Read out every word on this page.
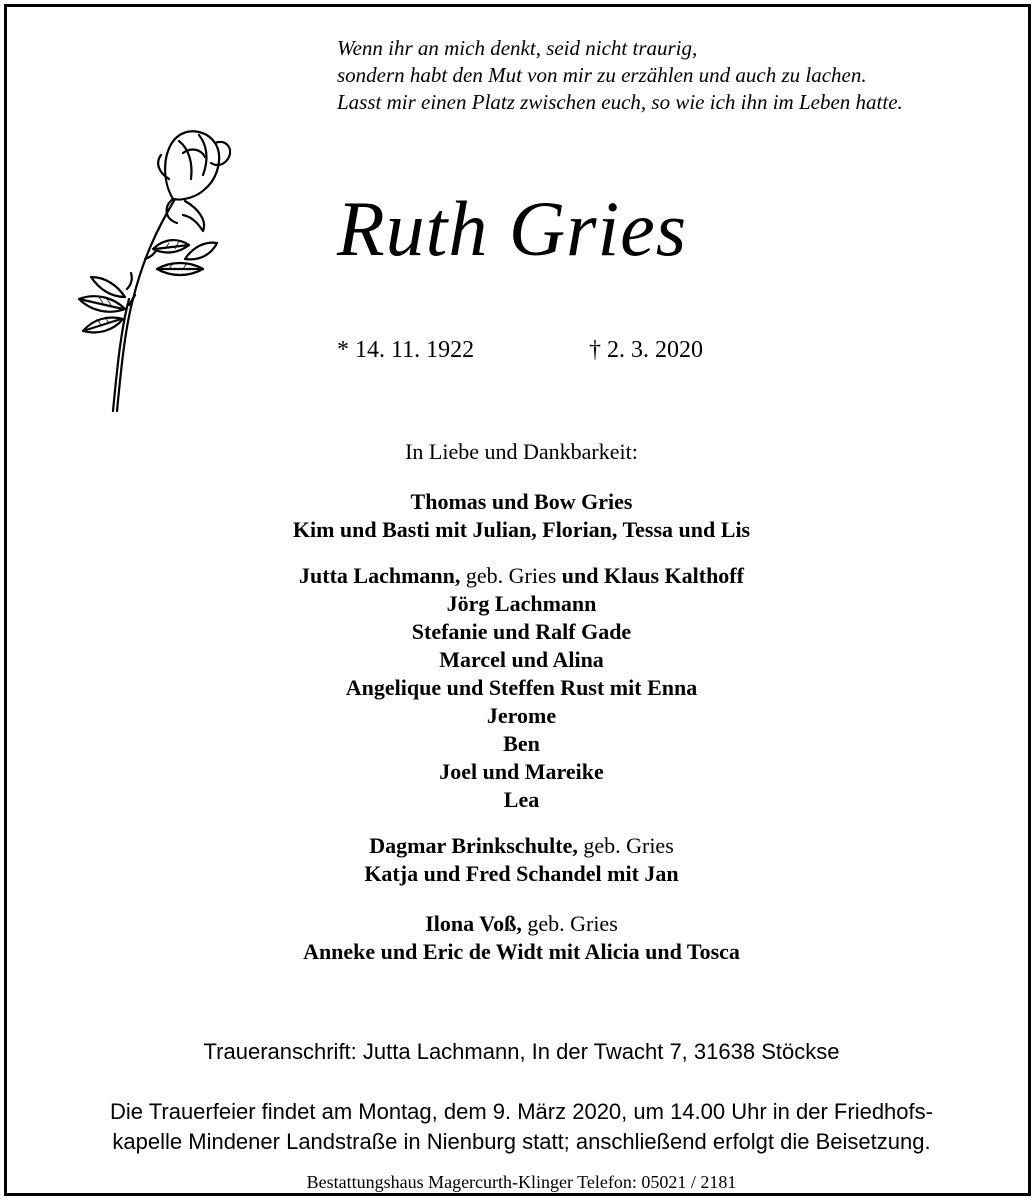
Wenn ihr an mich denkt, seid nicht traurig,
sondern habt den Mut von mir zu erzählen und auch zu lachen.
Lasst mir einen Platz zwischen euch, so wie ich ihn im Leben hatte.
Ruth Gries
* 14. 11. 1922	† 2. 3. 2020
In Liebe und Dankbarkeit:
Thomas und Bow Gries
Kim und Basti mit Julian, Florian, Tessa und Lis
Jutta Lachmann, geb. Gries und Klaus Kalthoff
Jörg Lachmann
Stefanie und Ralf Gade
Marcel und Alina
Angelique und Steffen Rust mit Enna
Jerome
Ben
Joel und Mareike
Lea
Dagmar Brinkschulte, geb. Gries
Katja und Fred Schandel mit Jan
Ilona Voß, geb. Gries
Anneke und Eric de Widt mit Alicia und Tosca
Traueranschrift: Jutta Lachmann, In der Twacht 7, 31638 Stöckse
Die Trauerfeier findet am Montag, dem 9. März 2020, um 14.00 Uhr in der Friedhofs-
kapelle Mindener Landstraße in Nienburg statt; anschließend erfolgt die Beisetzung.
Bestattungshaus Magercurth-Klinger Telefon: 05021 / 2181
